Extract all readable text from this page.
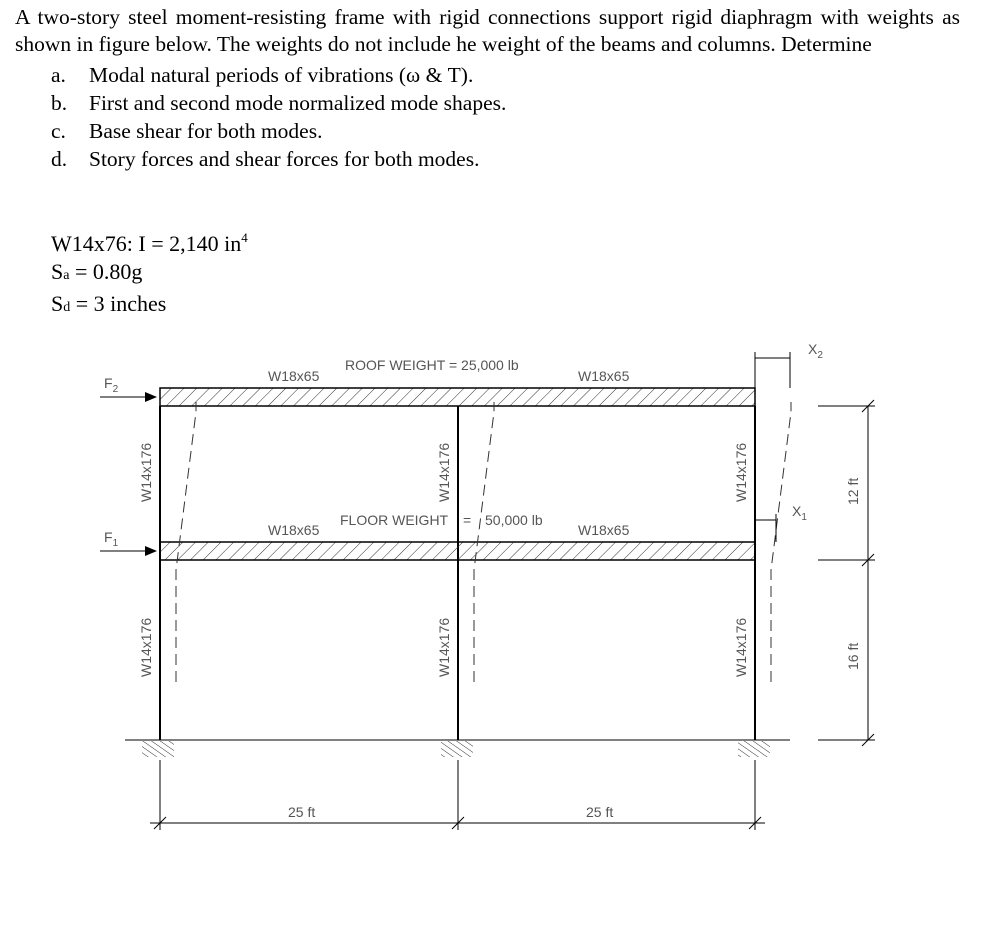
A two-story steel moment-resisting frame with rigid connections support rigid diaphragm with weights as shown in figure below. The weights do not include he weight of the beams and columns. Determine

a.	Modal natural periods of vibrations (ω & T).
b.	First and second mode normalized mode shapes.
c.	Base shear for both modes.
d.	Story forces and shear forces for both modes.
W14x76: I = 2,140 $in^4$
Sa = 0.80g
Sd = 3 inches
ROOF WEIGHT = 25,000 lb
W18x65	W18x65
FLOOR WEIGHT = 50,000 lb
W18x65	W18x65
W14x176	W14x176	W14x176
W14x176	W14x176	W14x176
$F_2$
$F_1$
$X_2$
$X_1$
12 ft
16 ft
25 ft	25 ft
